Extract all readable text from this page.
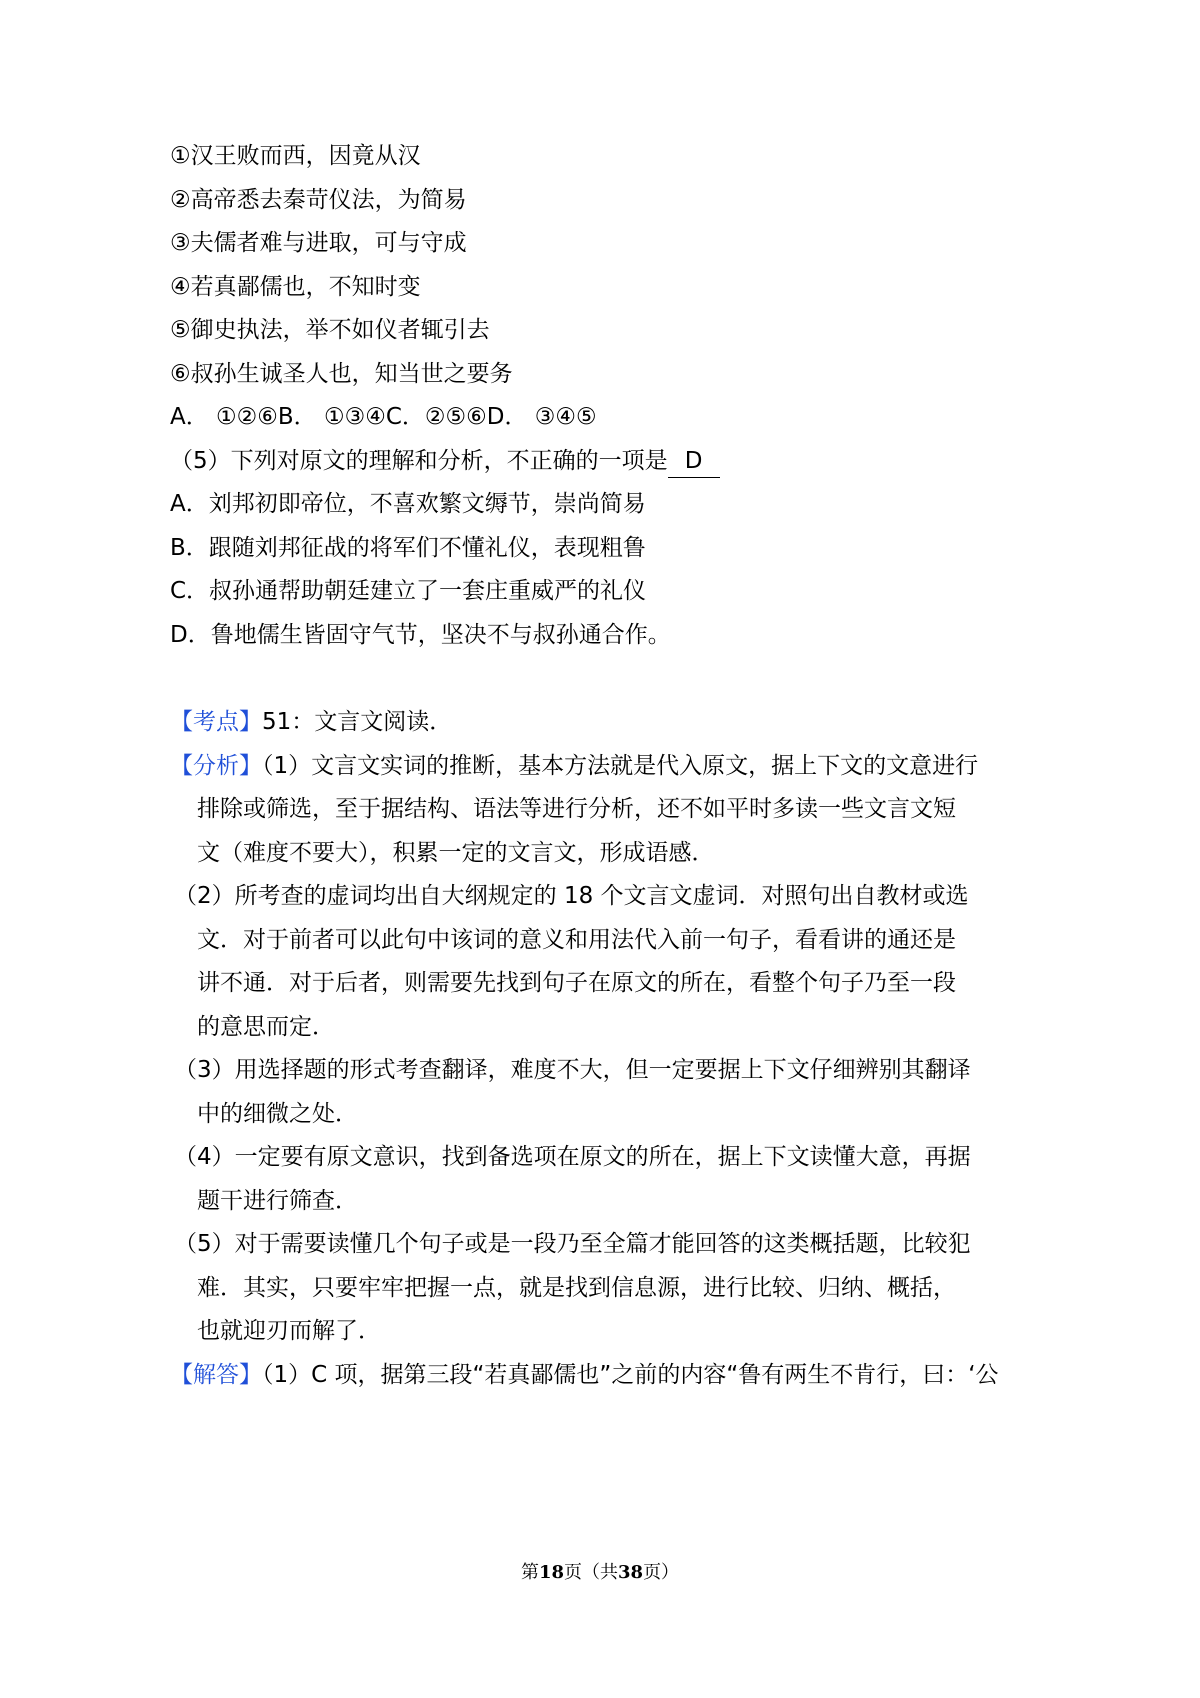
①汉王败而西，因竟从汉
②高帝悉去秦苛仪法，为简易
③夫儒者难与进取，可与守成
④若真鄙儒也，不知时变
⑤御史执法，举不如仪者辄引去
⑥叔孙生诚圣人也，知当世之要务
A． ①②⑥B． ①③④C．②⑤⑥D． ③④⑤
（5）下列对原文的理解和分析，不正确的一项是 D
A．刘邦初即帝位，不喜欢繁文缛节，崇尚简易
B．跟随刘邦征战的将军们不懂礼仪，表现粗鲁
C．叔孙通帮助朝廷建立了一套庄重威严的礼仪
D．鲁地儒生皆固守气节，坚决不与叔孙通合作。
【考点】51：文言文阅读．
【分析】（1）文言文实词的推断，基本方法就是代入原文，据上下文的文意进行
排除或筛选，至于据结构、语法等进行分析，还不如平时多读一些文言文短
文（难度不要大），积累一定的文言文，形成语感．
（2）所考查的虚词均出自大纲规定的 18 个文言文虚词．对照句出自教材或选
文．对于前者可以此句中该词的意义和用法代入前一句子，看看讲的通还是
讲不通．对于后者，则需要先找到句子在原文的所在，看整个句子乃至一段
的意思而定．
（3）用选择题的形式考查翻译，难度不大，但一定要据上下文仔细辨别其翻译
中的细微之处．
（4）一定要有原文意识，找到备选项在原文的所在，据上下文读懂大意，再据
题干进行筛查．
（5）对于需要读懂几个句子或是一段乃至全篇才能回答的这类概括题，比较犯
难．其实，只要牢牢把握一点，就是找到信息源，进行比较、归纳、概括，
也就迎刃而解了．
【解答】（1）C 项，据第三段“若真鄙儒也”之前的内容“鲁有两生不肯行，曰：‘公
第18页（共38页）
